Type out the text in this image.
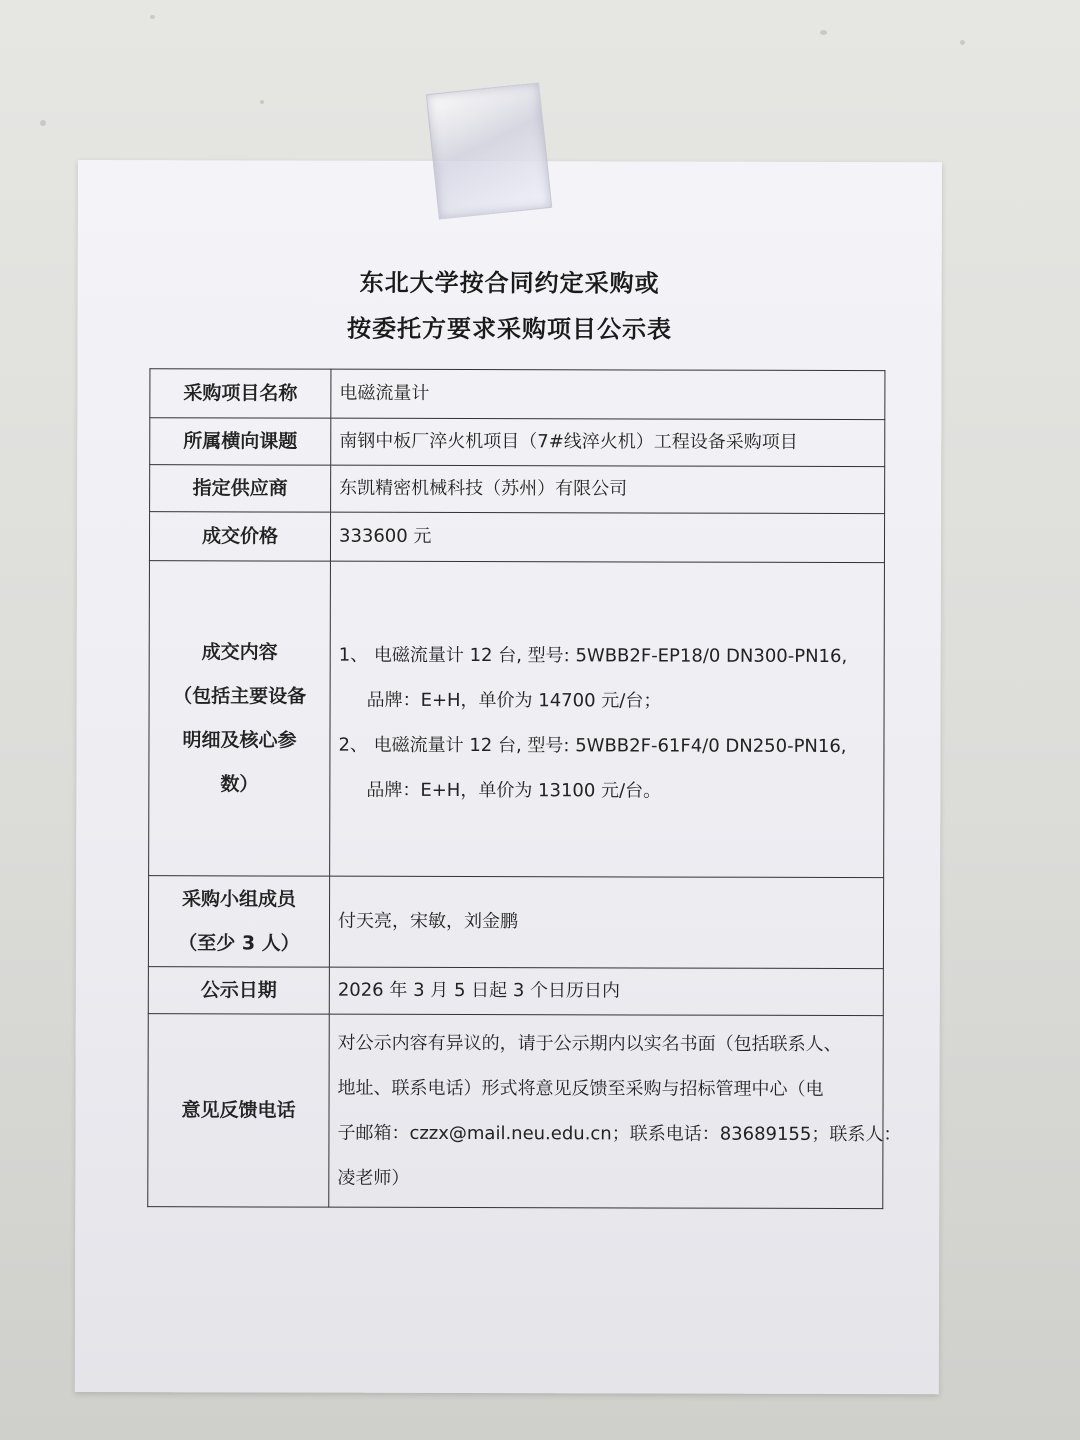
东北大学按合同约定采购或
按委托方要求采购项目公示表
采购项目名称	电磁流量计
所属横向课题	南钢中板厂淬火机项目（7#线淬火机）工程设备采购项目
指定供应商	东凯精密机械科技（苏州）有限公司
成交价格	333600 元

成交内容
（包括主要设备
明细及核心参
数）	1、 电磁流量计 12 台, 型号: 5WBB2F-EP18/0 DN300-PN16,
品牌：E+H，单价为 14700 元/台；
2、 电磁流量计 12 台, 型号: 5WBB2F-61F4/0 DN250-PN16,
品牌：E+H，单价为 13100 元/台。

采购小组成员
（至少 3 人）	付天亮，宋敏，刘金鹏
公示日期	2026 年 3 月 5 日起 3 个日历日内
意见反馈电话	对公示内容有异议的，请于公示期内以实名书面（包括联系人、
地址、联系电话）形式将意见反馈至采购与招标管理中心（电
子邮箱：czzx@mail.neu.edu.cn；联系电话：83689155；联系人：
凌老师）
